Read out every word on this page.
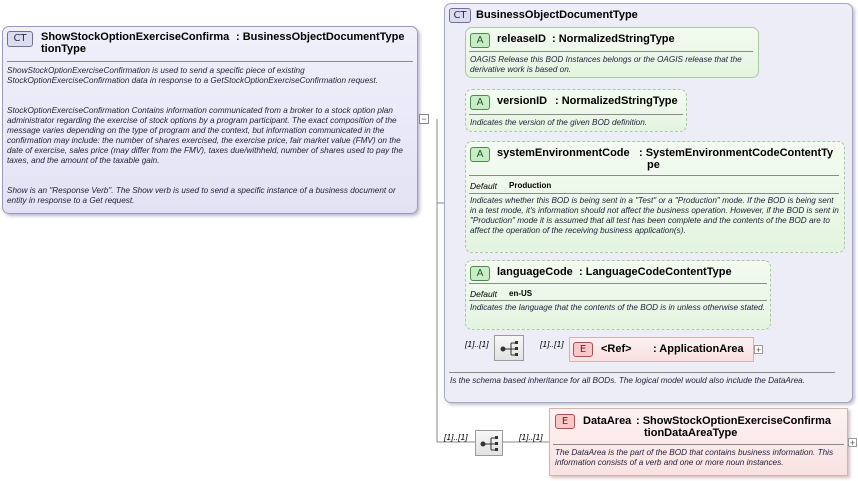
CT	ShowStockOptionExerciseConfirma
tionType
: BusinessObjectDocumentType
ShowStockOptionExerciseConfirmation is used to send a specific piece of existing StockOptionExerciseConfirmation data in response to a GetStockOptionExerciseConfirmation request.
StockOptionExerciseConfirmation Contains information communicated from a broker to a stock option plan administrator regarding the exercise of stock options by a program participant. The exact composition of the message varies depending on the type of program and the context, but information communicated in the confirmation may include: the number of shares exercised, the exercise price, fair market value (FMV) on the date of exercise, sales price (may differ from the FMV), taxes due/withheld, number of shares used to pay the taxes, and the amount of the taxable gain.
Show is an "Response Verb". The Show verb is used to send a specific instance of a business document or entity in response to a Get request.
−
CT BusinessObjectDocumentType
Is the schema based inheritance for all BODs. The logical model would also include the DataArea.
A	releaseID : NormalizedStringType
OAGIS Release this BOD Instances belongs or the OAGIS release that the derivative work is based on.
A	versionID : NormalizedStringType
Indicates the version of the given BOD definition.
A	systemEnvironmentCode : SystemEnvironmentCodeContentTy
pe
Default Production
Indicates whether this BOD is being sent in a "Test" or a "Production" mode. If the BOD is being sent in a test mode, it's information should not affect the business operation. However, if the BOD is sent in "Production" mode it is assumed that all test has been complete and the contents of the BOD are to affect the operation of the receiving business application(s).
A	languageCode : LanguageCodeContentType
Default en-US
Indicates the language that the contents of the BOD is in unless otherwise stated.
[1]..[1]	[1]..[1]	E	<Ref> : ApplicationArea +
[1]..[1]	[1]..[1]
E	DataArea : ShowStockOptionExerciseConfirma
tionDataAreaType
The DataArea is the part of the BOD that contains business information. This information consists of a verb and one or more noun instances.
+
